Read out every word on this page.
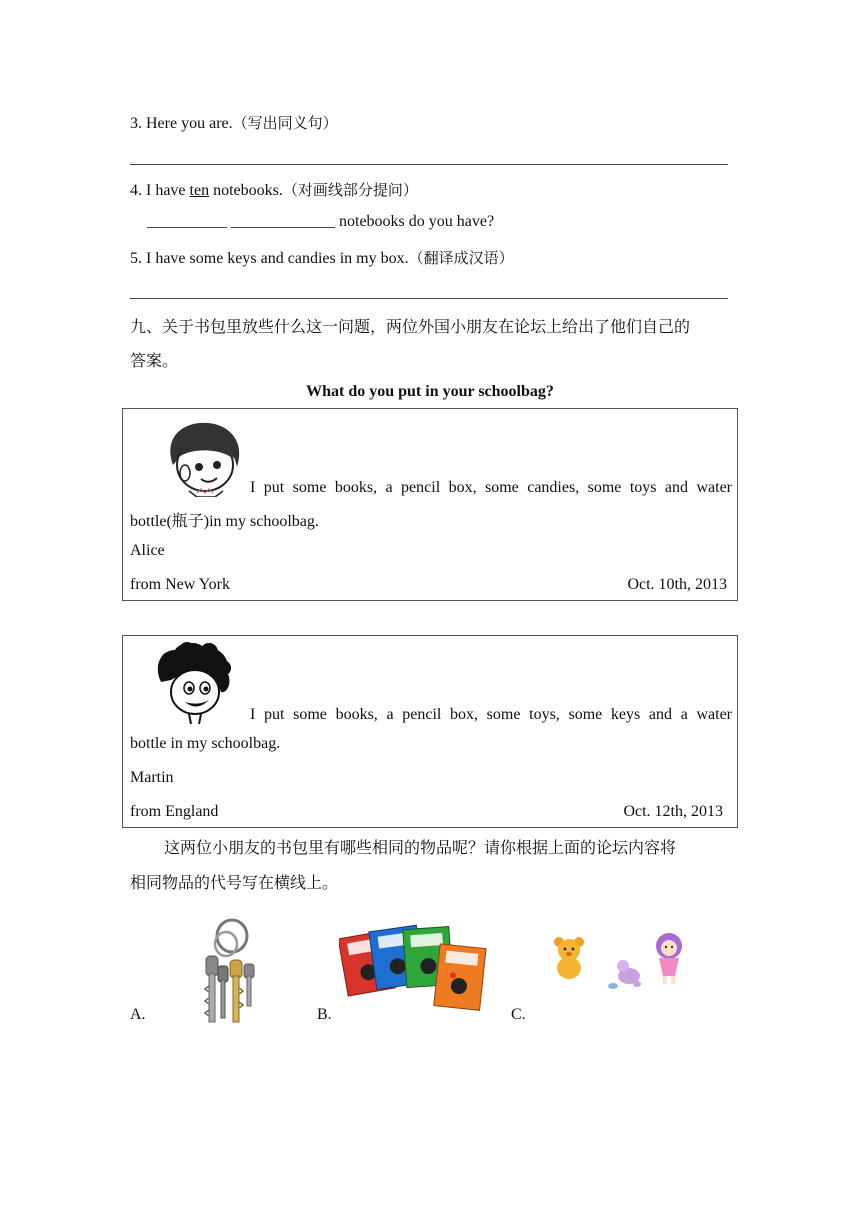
3. Here you are.（写出同义句）
4. I have ten notebooks.（对画线部分提问）
__________ _____________ notebooks do you have?
5. I have some keys and candies in my box.（翻译成汉语）
九、关于书包里放些什么这一问题，两位外国小朋友在论坛上给出了他们自己的
答案。
What do you put in your schoolbag?
I put some books, a pencil box, some candies, some toys and water
bottle(瓶子)in my schoolbag.
Alice
from New York	Oct. 10th, 2013
I put some books, a pencil box, some toys, some keys and a water
bottle in my schoolbag.
Martin
from England	Oct. 12th, 2013
这两位小朋友的书包里有哪些相同的物品呢？请你根据上面的论坛内容将
相同物品的代号写在横线上。
A.	B.	C.
